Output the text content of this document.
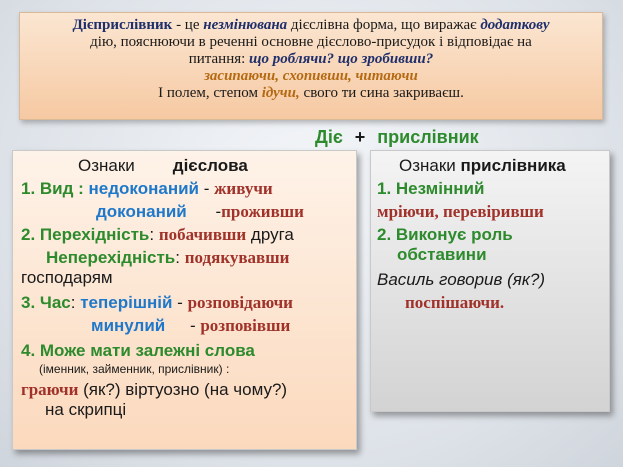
Дієприслівник - це незмінювана дієслівна форма, що виражає додаткову
дію, пояснюючи в реченні основне дієслово-присудок і відповідає на
питання: що роблячи? що зробивши?
засипаючи, схопивши, читаючи
І полем, степом ідучи, свого ти сина закриваєш.
Діє + прислівник
Ознаки дієслова
1. Вид : недоконаний - живучи
доконаний -проживши
2. Перехідність: побачивши друга
Неперехідність: подякувавши
господарям
3. Час: теперішній - розповідаючи
минулий - розповівши
4. Може мати залежні слова
(іменник, займенник, прислівник) :
граючи (як?) віртуозно (на чому?)
на скрипці
Ознаки прислівника
1. Незмінний
мріючи, перевіривши
2. Виконує роль
обставини
Василь говорив (як?)
поспішаючи.
